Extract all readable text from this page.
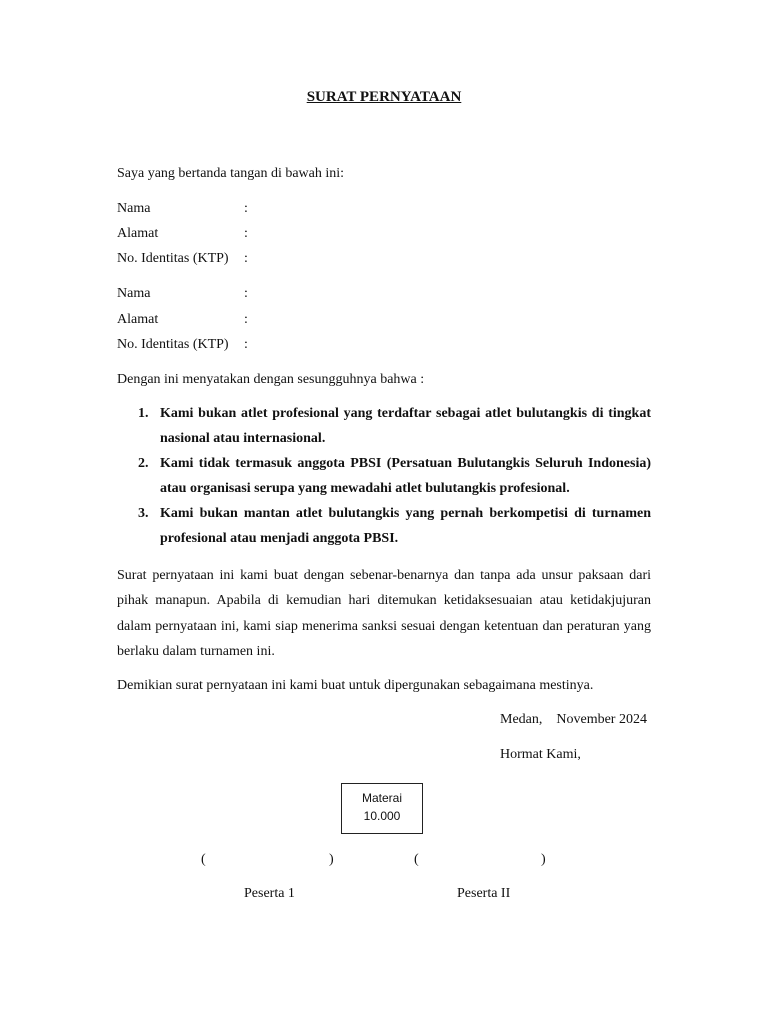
SURAT PERNYATAAN
Saya yang bertanda tangan di bawah ini:
Nama	:
Alamat	:
No. Identitas (KTP) :
Nama	:
Alamat	:
No. Identitas (KTP) :
Dengan ini menyatakan dengan sesungguhnya bahwa :
1. Kami bukan atlet profesional yang terdaftar sebagai atlet bulutangkis di tingkat nasional atau internasional.
2. Kami tidak termasuk anggota PBSI (Persatuan Bulutangkis Seluruh Indonesia) atau organisasi serupa yang mewadahi atlet bulutangkis profesional.
3. Kami bukan mantan atlet bulutangkis yang pernah berkompetisi di turnamen profesional atau menjadi anggota PBSI.
Surat pernyataan ini kami buat dengan sebenar-benarnya dan tanpa ada unsur paksaan dari pihak manapun. Apabila di kemudian hari ditemukan ketidaksesuaian atau ketidakjujuran dalam pernyataan ini, kami siap menerima sanksi sesuai dengan ketentuan dan peraturan yang berlaku dalam turnamen ini.
Demikian surat pernyataan ini kami buat untuk dipergunakan sebagaimana mestinya.
Medan,    November 2024
Hormat Kami,
Materai
10.000
(	)	(	)
Peserta 1	Peserta II
